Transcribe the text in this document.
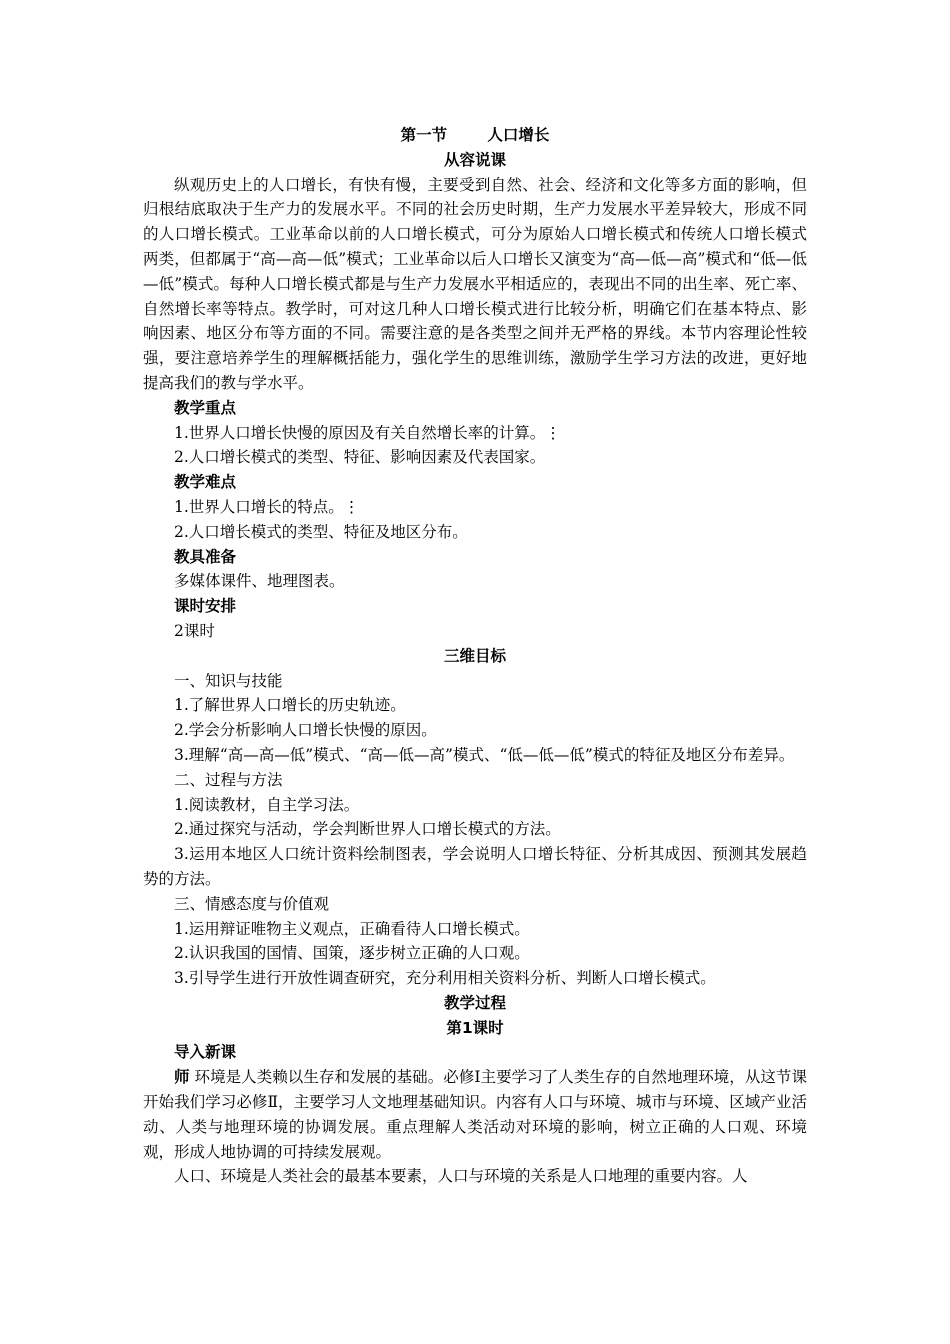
第一节	人口增长
从容说课

纵观历史上的人口增长，有快有慢，主要受到自然、社会、经济和文化等多方面的影响，但归根结底取决于生产力的发展水平。不同的社会历史时期，生产力发展水平差异较大，形成不同的人口增长模式。工业革命以前的人口增长模式，可分为原始人口增长模式和传统人口增长模式两类，但都属于“高—高—低”模式；工业革命以后人口增长又演变为“高—低—高”模式和“低—低—低”模式。每种人口增长模式都是与生产力发展水平相适应的，表现出不同的出生率、死亡率、自然增长率等特点。教学时，可对这几种人口增长模式进行比较分析，明确它们在基本特点、影响因素、地区分布等方面的不同。需要注意的是各类型之间并无严格的界线。本节内容理论性较强，要注意培养学生的理解概括能力，强化学生的思维训练，激励学生学习方法的改进，更好地提高我们的教与学水平。

教学重点

1.世界人口增长快慢的原因及有关自然增长率的计算。⋮

2.人口增长模式的类型、特征、影响因素及代表国家。

教学难点

1.世界人口增长的特点。⋮

2.人口增长模式的类型、特征及地区分布。

教具准备

多媒体课件、地理图表。

课时安排

2课时

三维目标

一、知识与技能

1.了解世界人口增长的历史轨迹。

2.学会分析影响人口增长快慢的原因。

3.理解“高—高—低”模式、“高—低—高”模式、“低—低—低”模式的特征及地区分布差异。

二、过程与方法

1.阅读教材，自主学习法。

2.通过探究与活动，学会判断世界人口增长模式的方法。

3.运用本地区人口统计资料绘制图表，学会说明人口增长特征、分析其成因、预测其发展趋势的方法。

三、情感态度与价值观

1.运用辩证唯物主义观点，正确看待人口增长模式。

2.认识我国的国情、国策，逐步树立正确的人口观。

3.引导学生进行开放性调查研究，充分利用相关资料分析、判断人口增长模式。

教学过程
第1课时

导入新课

师 环境是人类赖以生存和发展的基础。必修Ⅰ主要学习了人类生存的自然地理环境，从这节课开始我们学习必修Ⅱ，主要学习人文地理基础知识。内容有人口与环境、城市与环境、区域产业活动、人类与地理环境的协调发展。重点理解人类活动对环境的影响，树立正确的人口观、环境观，形成人地协调的可持续发展观。

人口、环境是人类社会的最基本要素，人口与环境的关系是人口地理的重要内容。人
